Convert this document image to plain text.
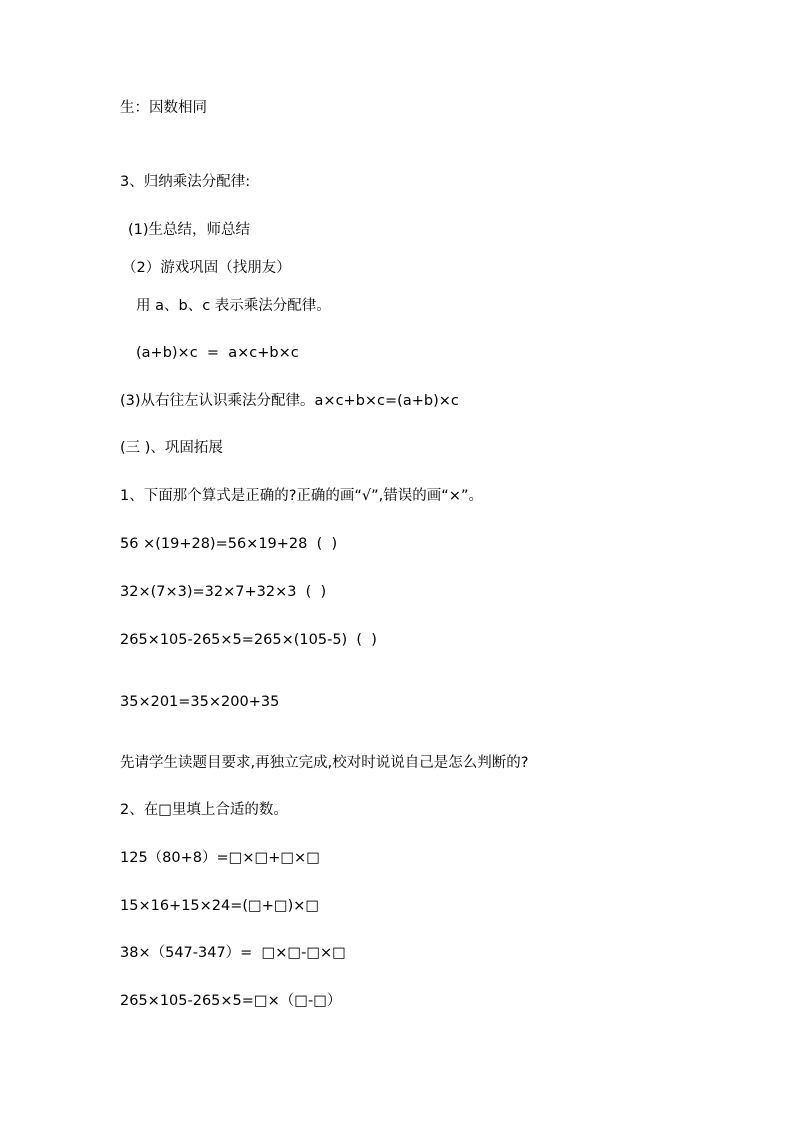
生：因数相同
3、归纳乘法分配律:
(1)生总结，师总结
（2）游戏巩固（找朋友）
用 a、b、c 表示乘法分配律。
(a+b)×c  =  a×c+b×c
(3)从右往左认识乘法分配律。a×c+b×c=(a+b)×c
(三 )、巩固拓展
1、下面那个算式是正确的?正确的画“√”,错误的画“×”。
56 ×(19+28)=56×19+28  (  )
32×(7×3)=32×7+32×3  (  )
265×105-265×5=265×(105-5)  (  )
35×201=35×200+35
先请学生读题目要求,再独立完成,校对时说说自己是怎么判断的?
2、在□里填上合适的数。
125（80+8）=□×□+□×□
15×16+15×24=(□+□)×□
38×（547-347）=  □×□-□×□
265×105-265×5=□×（□-□）
